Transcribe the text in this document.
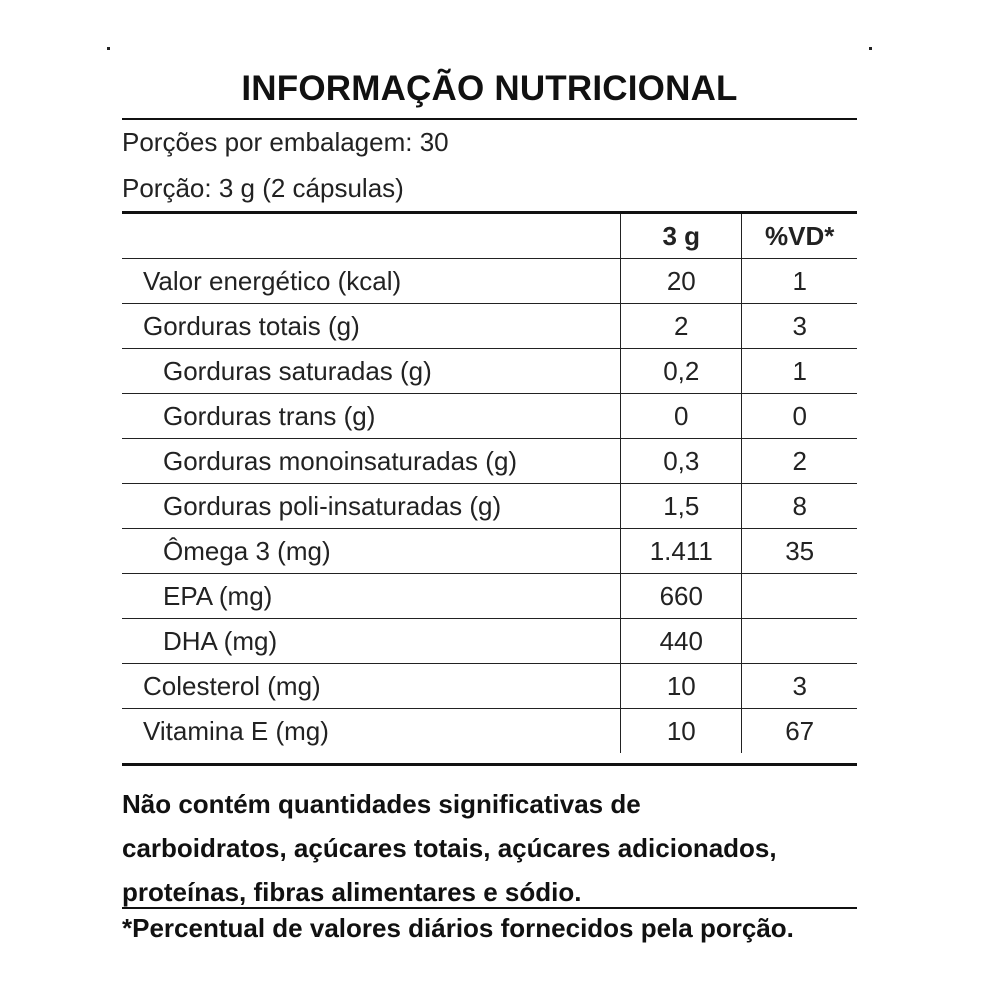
INFORMAÇÃO NUTRICIONAL
Porções por embalagem: 30
Porção: 3 g (2 cápsulas)
	3 g	%VD*
Valor energético (kcal)	20	1
Gorduras totais (g)	2	3
Gorduras saturadas (g)	0,2	1
Gorduras trans (g)	0	0
Gorduras monoinsaturadas (g)	0,3	2
Gorduras poli-insaturadas (g)	1,5	8
Ômega 3 (mg)	1.411	35
EPA (mg)	660	
DHA (mg)	440	
Colesterol (mg)	10	3
Vitamina E (mg)	10	67
Não contém quantidades significativas de
carboidratos, açúcares totais, açúcares adicionados,
proteínas, fibras alimentares e sódio.
*Percentual de valores diários fornecidos pela porção.
